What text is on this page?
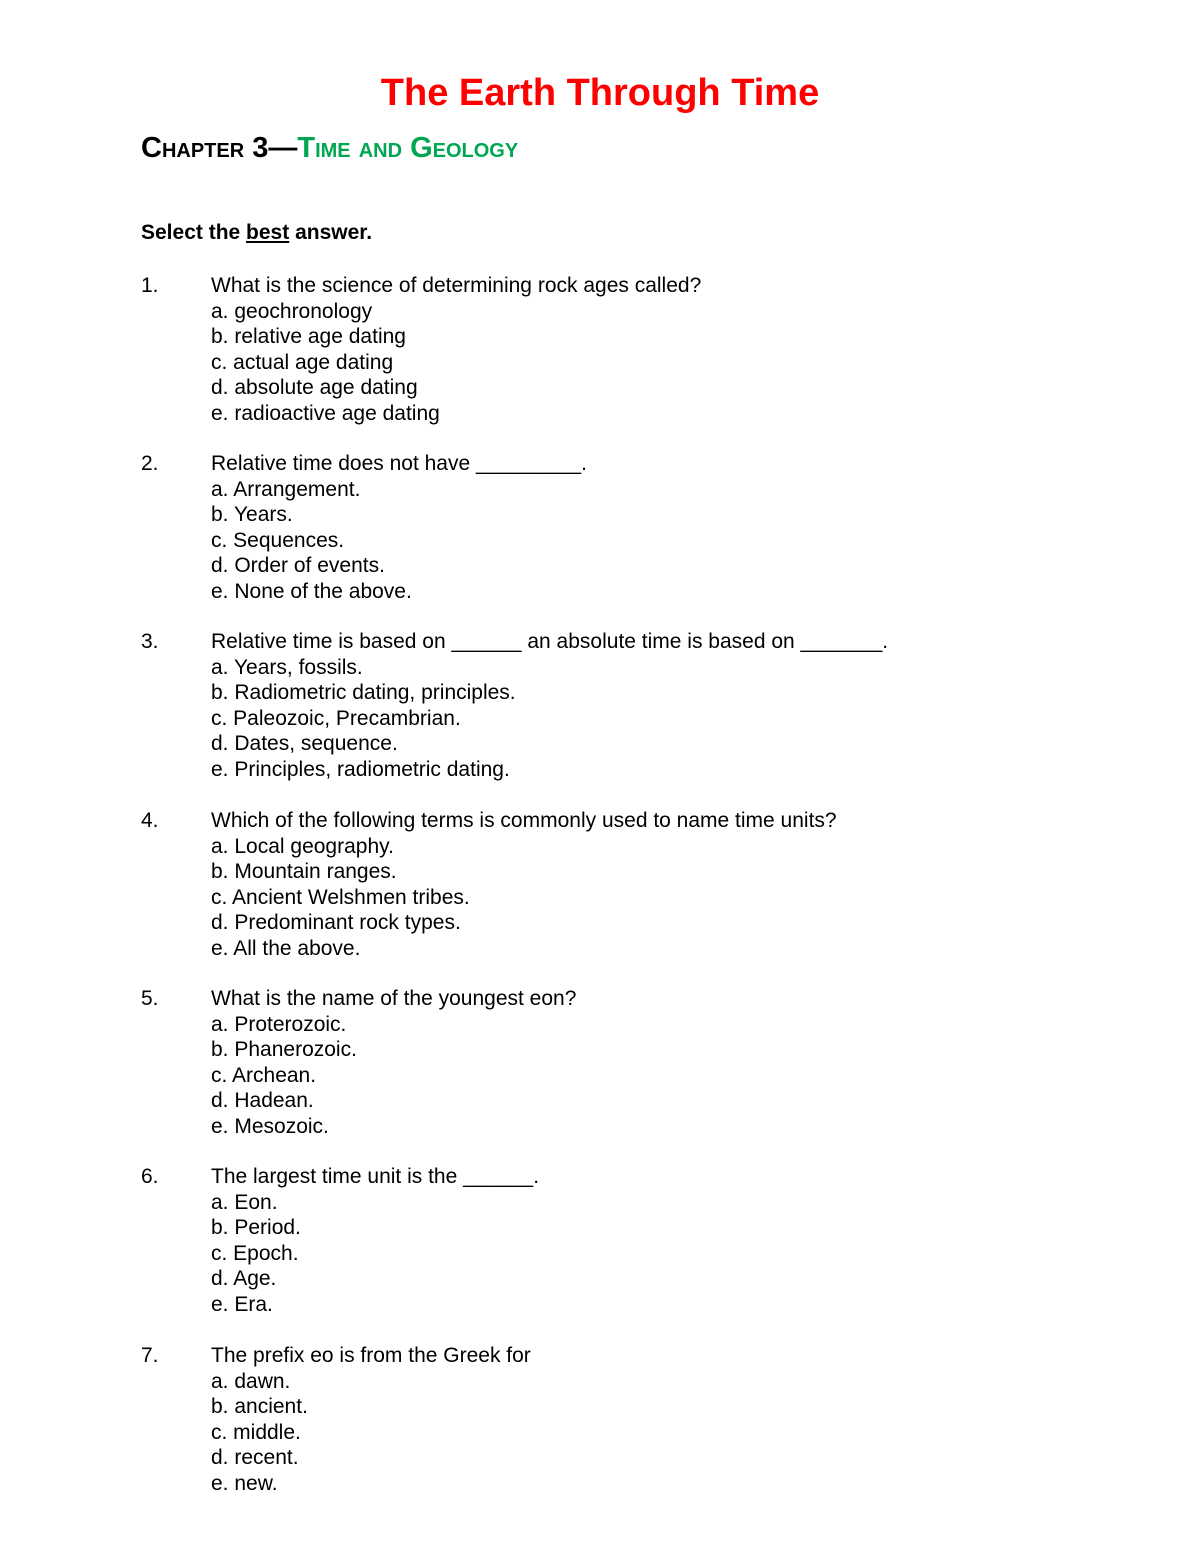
The Earth Through Time
Chapter 3—Time and Geology

Select the best answer.

1. What is the science of determining rock ages called?
a. geochronology
b. relative age dating
c. actual age dating
d. absolute age dating
e. radioactive age dating
2. Relative time does not have _________.
a. Arrangement.
b. Years.
c. Sequences.
d. Order of events.
e. None of the above.
3. Relative time is based on ______ an absolute time is based on _______.
a. Years, fossils.
b. Radiometric dating, principles.
c. Paleozoic, Precambrian.
d. Dates, sequence.
e. Principles, radiometric dating.
4. Which of the following terms is commonly used to name time units?
a. Local geography.
b. Mountain ranges.
c. Ancient Welshmen tribes.
d. Predominant rock types.
e. All the above.
5. What is the name of the youngest eon?
a. Proterozoic.
b. Phanerozoic.
c. Archean.
d. Hadean.
e. Mesozoic.
6. The largest time unit is the ______.
a. Eon.
b. Period.
c. Epoch.
d. Age.
e. Era.
7. The prefix eo is from the Greek for
a. dawn.
b. ancient.
c. middle.
d. recent.
e. new.
